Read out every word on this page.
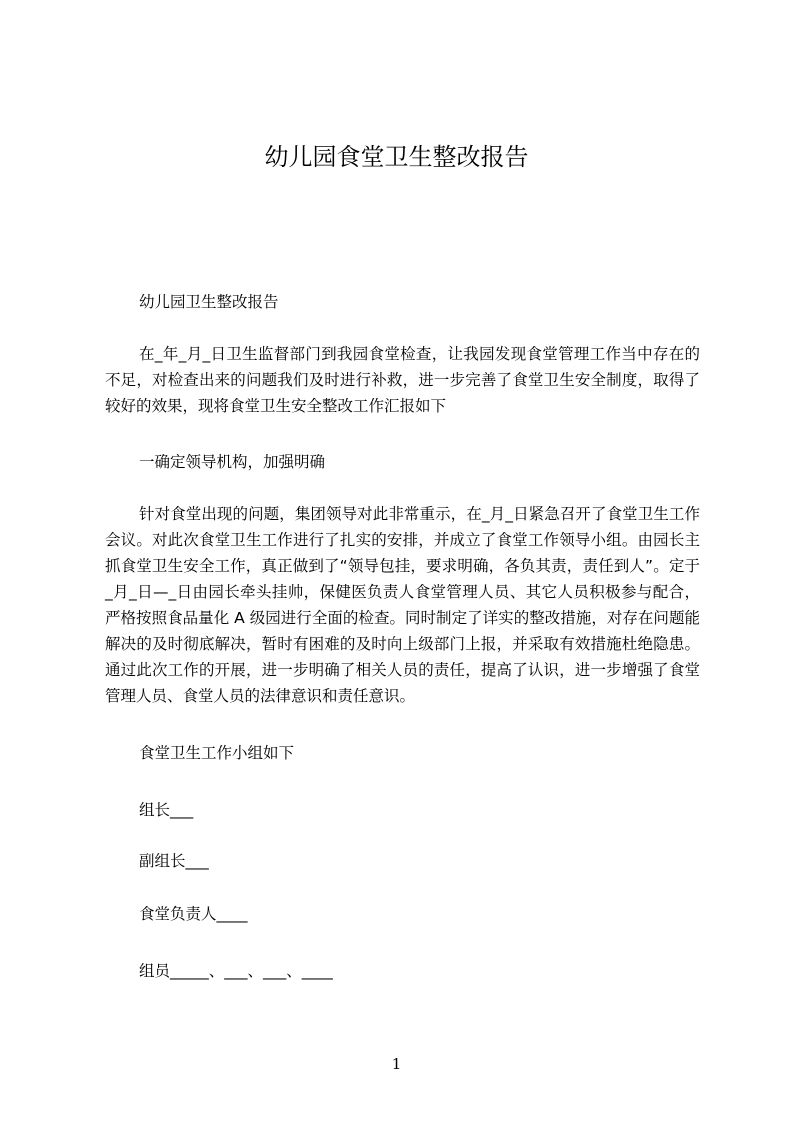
幼儿园食堂卫生整改报告
幼儿园卫生整改报告
在_年_月_日卫生监督部门到我园食堂检查，让我园发现食堂管理工作当中存在的不足，对检查出来的问题我们及时进行补救，进一步完善了食堂卫生安全制度，取得了较好的效果，现将食堂卫生安全整改工作汇报如下
一确定领导机构，加强明确
针对食堂出现的问题，集团领导对此非常重示，在_月_日紧急召开了食堂卫生工作会议。对此次食堂卫生工作进行了扎实的安排，并成立了食堂工作领导小组。由园长主抓食堂卫生安全工作，真正做到了“领导包挂，要求明确，各负其责，责任到人”。定于_月_日—_日由园长牵头挂帅，保健医负责人食堂管理人员、其它人员积极参与配合，严格按照食品量化 A 级园进行全面的检查。同时制定了详实的整改措施，对存在问题能解决的及时彻底解决，暂时有困难的及时向上级部门上报，并采取有效措施杜绝隐患。通过此次工作的开展，进一步明确了相关人员的责任，提高了认识，进一步增强了食堂管理人员、食堂人员的法律意识和责任意识。
食堂卫生工作小组如下
组长___
副组长___
食堂负责人____
组员_____、___、___、____
1
